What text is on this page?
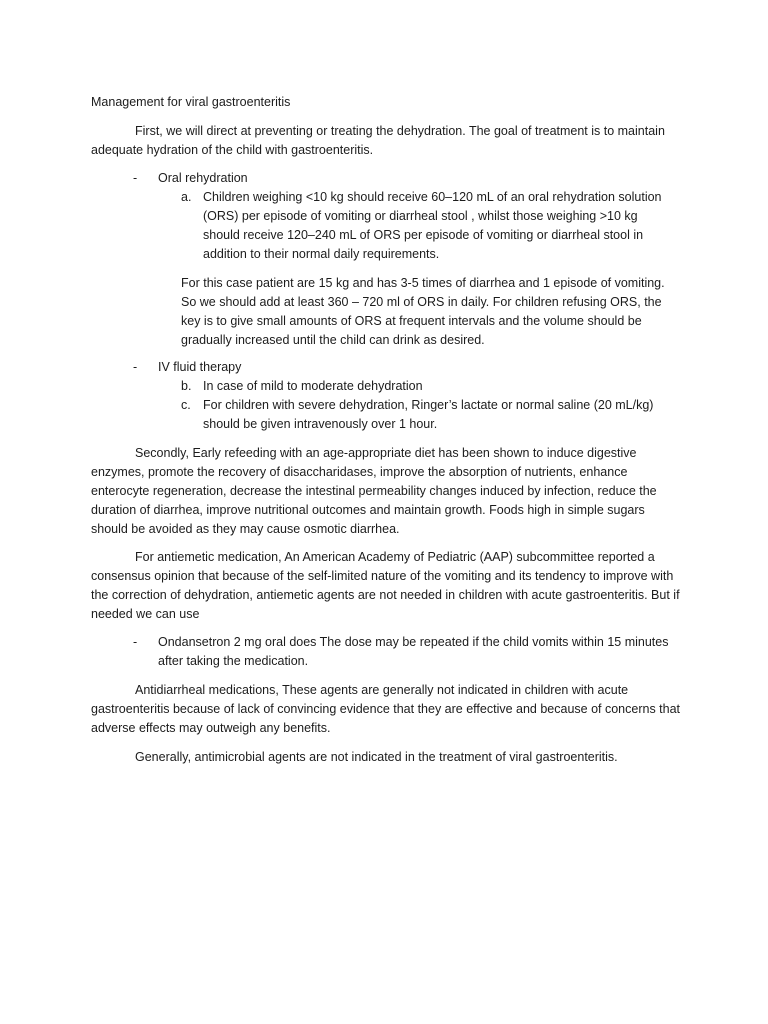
Management for viral gastroenteritis
First, we will direct at preventing or treating the dehydration. The goal of treatment is to maintain adequate hydration of the child with gastroenteritis.
- Oral rehydration
a. Children weighing <10 kg should receive 60–120 mL of an oral rehydration solution (ORS) per episode of vomiting or diarrheal stool , whilst those weighing >10 kg should receive 120–240 mL of ORS per episode of vomiting or diarrheal stool in addition to their normal daily requirements.
For this case patient are 15 kg and has 3-5 times of diarrhea and 1 episode of vomiting. So we should add at least 360 – 720 ml of ORS in daily. For children refusing ORS, the key is to give small amounts of ORS at frequent intervals and the volume should be gradually increased until the child can drink as desired.
- IV fluid therapy
b. In case of mild to moderate dehydration
c. For children with severe dehydration, Ringer’s lactate or normal saline (20 mL/kg) should be given intravenously over 1 hour.
Secondly, Early refeeding with an age-appropriate diet has been shown to induce digestive enzymes, promote the recovery of disaccharidases, improve the absorption of nutrients, enhance enterocyte regeneration, decrease the intestinal permeability changes induced by infection, reduce the duration of diarrhea, improve nutritional outcomes and maintain growth. Foods high in simple sugars should be avoided as they may cause osmotic diarrhea.
For antiemetic medication, An American Academy of Pediatric (AAP) subcommittee reported a consensus opinion that because of the self-limited nature of the vomiting and its tendency to improve with the correction of dehydration, antiemetic agents are not needed in children with acute gastroenteritis. But if needed we can use
- Ondansetron 2 mg oral does The dose may be repeated if the child vomits within 15 minutes after taking the medication.
Antidiarrheal medications, These agents are generally not indicated in children with acute gastroenteritis because of lack of convincing evidence that they are effective and because of concerns that adverse effects may outweigh any benefits.
Generally, antimicrobial agents are not indicated in the treatment of viral gastroenteritis.
